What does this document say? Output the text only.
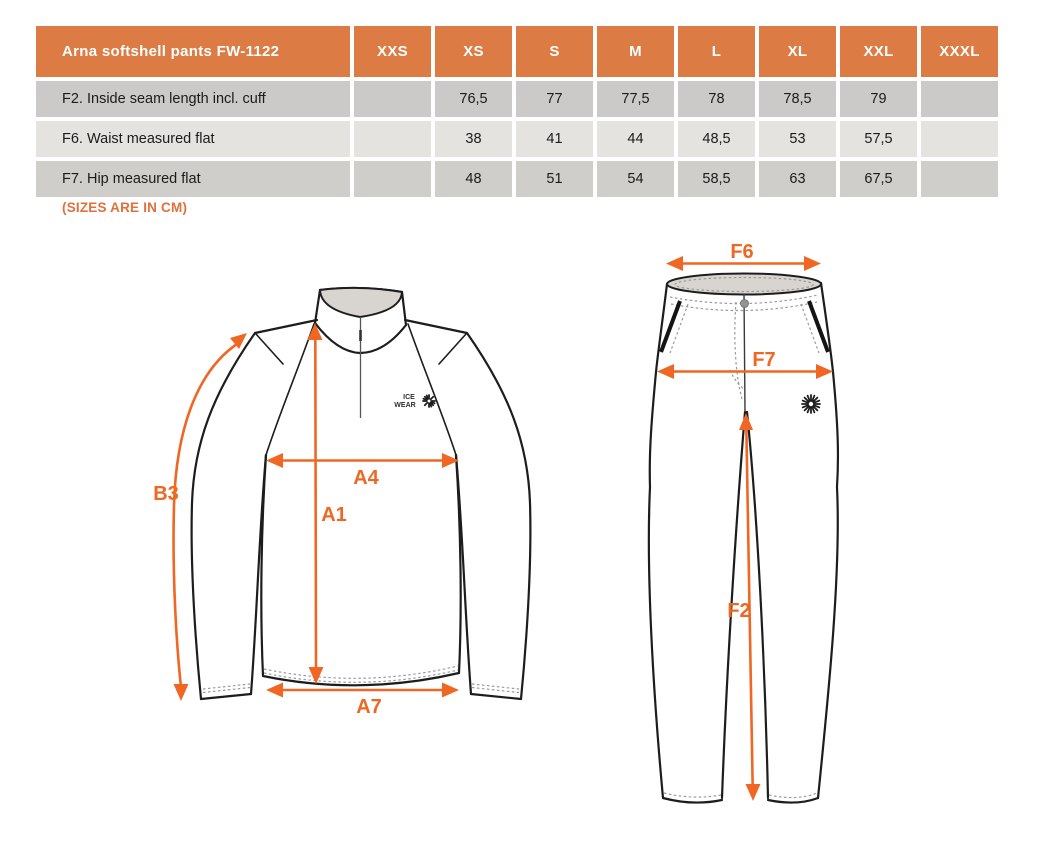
Arna softshell pants FW-1122	XXS	XS	S	M	L	XL	XXL	XXXL
F2. Inside seam length incl. cuff		76,5	77	77,5	78	78,5	79	
F6. Waist measured flat		38	41	44	48,5	53	57,5	
F7. Hip measured flat		48	51	54	58,5	63	67,5	
(SIZES ARE IN CM)
ICE
WEAR
B3
A4
A1
A7
F6
F7
F2
